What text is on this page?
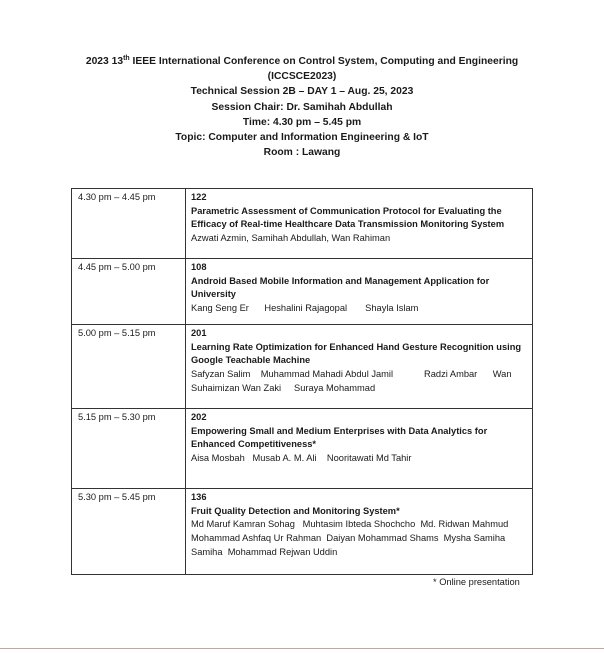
2023 13th IEEE International Conference on Control System, Computing and Engineering
(ICCSCE2023)
Technical Session 2B – DAY 1 – Aug. 25, 2023
Session Chair: Dr. Samihah Abdullah
Time: 4.30 pm – 5.45 pm
Topic: Computer and Information Engineering & IoT
Room : Lawang
4.30 pm – 4.45 pm	122
Parametric Assessment of Communication Protocol for Evaluating the Efficacy of Real-time Healthcare Data Transmission Monitoring System
Azwati Azmin, Samihah Abdullah, Wan Rahiman

4.45 pm – 5.00 pm	108
Android Based Mobile Information and Management Application for University
Kang Seng Er      Heshalini Rajagopal       Shayla Islam

5.00 pm – 5.15 pm	201
Learning Rate Optimization for Enhanced Hand Gesture Recognition using Google Teachable Machine
Safyzan Salim    Muhammad Mahadi Abdul Jamil            Radzi Ambar      Wan Suhaimizan Wan Zaki     Suraya Mohammad

5.15 pm – 5.30 pm	202
Empowering Small and Medium Enterprises with Data Analytics for Enhanced Competitiveness*
Aisa Mosbah   Musab A. M. Ali    Nooritawati Md Tahir

5.30 pm – 5.45 pm	136
Fruit Quality Detection and Monitoring System*
Md Maruf Kamran Sohag   Muhtasim Ibteda Shochcho  Md. Ridwan Mahmud Mohammad Ashfaq Ur Rahman  Daiyan Mohammad Shams  Mysha Samiha Samiha  Mohammad Rejwan Uddin
* Online presentation
